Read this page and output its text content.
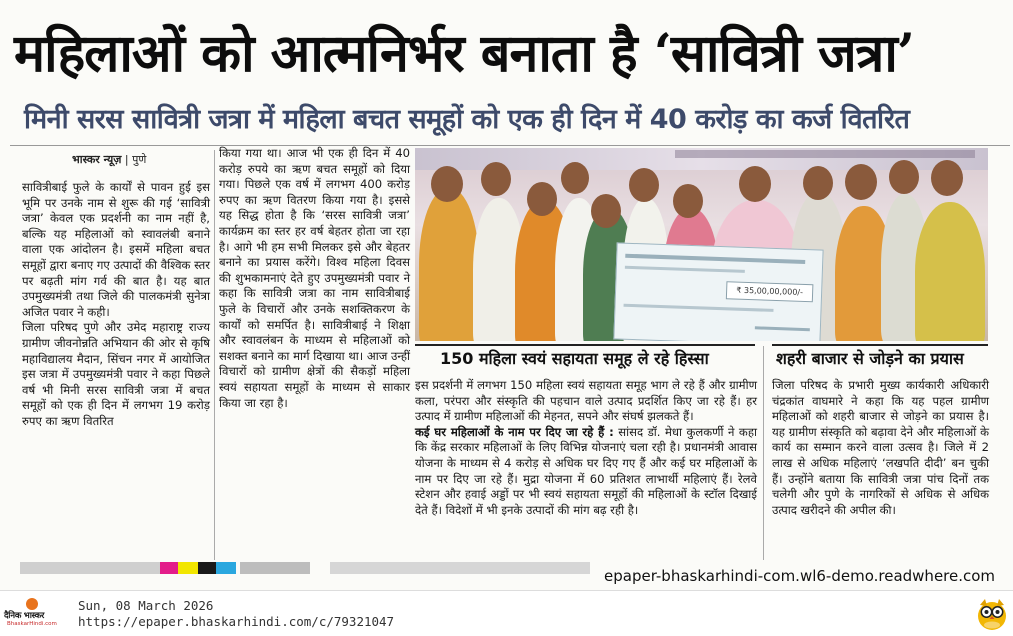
महिलाओं को आत्मनिर्भर बनाता है ‘सावित्री जत्रा’
मिनी सरस सावित्री जत्रा में महिला बचत समूहों को एक ही दिन में 40 करोड़ का कर्ज वितरित
भास्कर न्यूज़ | पुणे

सावित्रीबाई फुले के कार्यों से पावन हुई इस भूमि पर उनके नाम से शुरू की गई ‘सावित्री जत्रा’ केवल एक प्रदर्शनी का नाम नहीं है, बल्कि यह महिलाओं को स्वावलंबी बनाने वाला एक आंदोलन है। इसमें महिला बचत समूहों द्वारा बनाए गए उत्पादों की वैश्विक स्तर पर बढ़ती मांग गर्व की बात है। यह बात उपमुख्यमंत्री तथा जिले की पालकमंत्री सुनेत्रा अजित पवार ने कही।

जिला परिषद पुणे और उमेद महाराष्ट्र राज्य ग्रामीण जीवनोन्नति अभियान की ओर से कृषि महाविद्यालय मैदान, सिंचन नगर में आयोजित इस जत्रा में उपमुख्यमंत्री पवार ने कहा पिछले वर्ष भी मिनी सरस सावित्री जत्रा में बचत समूहों को एक ही दिन में लगभग 19 करोड़ रुपए का ऋण वितरित

किया गया था। आज भी एक ही दिन में 40 करोड़ रुपये का ऋण बचत समूहों को दिया गया। पिछले एक वर्ष में लगभग 400 करोड़ रुपए का ऋण वितरण किया गया है। इससे यह सिद्ध होता है कि ‘सरस सावित्री जत्रा’ कार्यक्रम का स्तर हर वर्ष बेहतर होता जा रहा है। आगे भी हम सभी मिलकर इसे और बेहतर बनाने का प्रयास करेंगे। विश्व महिला दिवस की शुभकामनाएं देते हुए उपमुख्यमंत्री पवार ने कहा कि सावित्री जत्रा का नाम सावित्रीबाई फुले के विचारों और उनके सशक्तिकरण के कार्यों को समर्पित है। सावित्रीबाई ने शिक्षा और स्वावलंबन के माध्यम से महिलाओं को सशक्त बनाने का मार्ग दिखाया था। आज उन्हीं विचारों को ग्रामीण क्षेत्रों की सैकड़ों महिला स्वयं सहायता समूहों के माध्यम से साकार किया जा रहा है।

₹ 35,00,00,000/-
150 महिला स्वयं सहायता समूह ले रहे हिस्सा	शहरी बाजार से जोड़ने का प्रयास

इस प्रदर्शनी में लगभग 150 महिला स्वयं सहायता समूह भाग ले रहे हैं और ग्रामीण कला, परंपरा और संस्कृति की पहचान वाले उत्पाद प्रदर्शित किए जा रहे हैं। हर उत्पाद में ग्रामीण महिलाओं की मेहनत, सपने और संघर्ष झलकते हैं।

कई घर महिलाओं के नाम पर दिए जा रहे हैं : सांसद डॉ. मेधा कुलकर्णी ने कहा कि केंद्र सरकार महिलाओं के लिए विभिन्न योजनाएं चला रही है। प्रधानमंत्री आवास योजना के माध्यम से 4 करोड़ से अधिक घर दिए गए हैं और कई घर महिलाओं के नाम पर दिए जा रहे हैं। मुद्रा योजना में 60 प्रतिशत लाभार्थी महिलाएं हैं। रेलवे स्टेशन और हवाई अड्डों पर भी स्वयं सहायता समूहों की महिलाओं के स्टॉल दिखाई देते हैं। विदेशों में भी इनके उत्पादों की मांग बढ़ रही है।

जिला परिषद के प्रभारी मुख्य कार्यकारी अधिकारी चंद्रकांत वाघमारे ने कहा कि यह पहल ग्रामीण महिलाओं को शहरी बाजार से जोड़ने का प्रयास है। यह ग्रामीण संस्कृति को बढ़ावा देने और महिलाओं के कार्य का सम्मान करने वाला उत्सव है। जिले में 2 लाख से अधिक महिलाएं ‘लखपति दीदी’ बन चुकी हैं। उन्होंने बताया कि सावित्री जत्रा पांच दिनों तक चलेगी और पुणे के नागरिकों से अधिक से अधिक उत्पाद खरीदने की अपील की।

epaper-bhaskarhindi-com.wl6-demo.readwhere.com
दैनिक भास्कर
BhaskarHindi.com
Sun, 08 March 2026
https://epaper.bhaskarhindi.com/c/79321047
